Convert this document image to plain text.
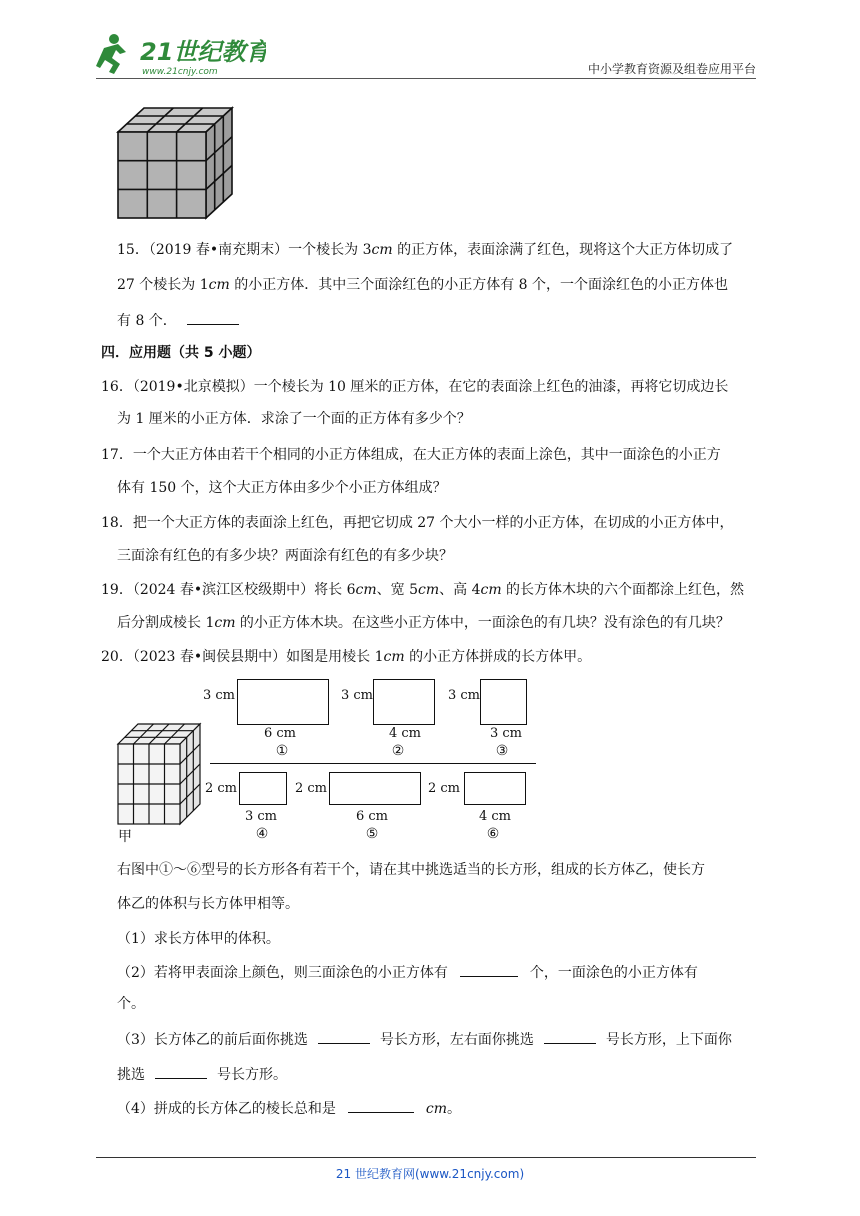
21世纪教育
www.21cnjy.com	中小学教育资源及组卷应用平台
15．（2019 春•南充期末）一个棱长为 3cm 的正方体，表面涂满了红色，现将这个大正方体切成了
27 个棱长为 1cm 的小正方体．其中三个面涂红色的小正方体有 8 个，一个面涂红色的小正方体也
有 8 个．
四．应用题（共 5 小题）
16．（2019•北京模拟）一个棱长为 10 厘米的正方体，在它的表面涂上红色的油漆，再将它切成边长
为 1 厘米的小正方体．求涂了一个面的正方体有多少个？
17．一个大正方体由若干个相同的小正方体组成，在大正方体的表面上涂色，其中一面涂色的小正方
体有 150 个，这个大正方体由多少个小正方体组成？
18．把一个大正方体的表面涂上红色，再把它切成 27 个大小一样的小正方体，在切成的小正方体中，
三面涂有红色的有多少块？两面涂有红色的有多少块？
19．（2024 春•滨江区校级期中）将长 6cm、宽 5cm、高 4cm 的长方体木块的六个面都涂上红色，然
后分割成棱长 1cm 的小正方体木块。在这些小正方体中，一面涂色的有几块？没有涂色的有几块？
20．（2023 春•闽侯县期中）如图是用棱长 1cm 的小正方体拼成的长方体甲。
甲
3 cm
6 cm
①
3 cm
4 cm
②
3 cm
3 cm
③
2 cm
3 cm
④
2 cm
6 cm
⑤
2 cm
4 cm
⑥
右图中①～⑥型号的长方形各有若干个，请在其中挑选适当的长方形，组成的长方体乙，使长方
体乙的体积与长方体甲相等。
（1）求长方体甲的体积。
（2）若将甲表面涂上颜色，则三面涂色的小正方体有	个，一面涂色的小正方体有
个。
（3）长方体乙的前后面你挑选	号长方形，左右面你挑选	号长方形，上下面你
挑选	号长方形。
（4）拼成的长方体乙的棱长总和是	cm。
21 世纪教育网(www.21cnjy.com)
